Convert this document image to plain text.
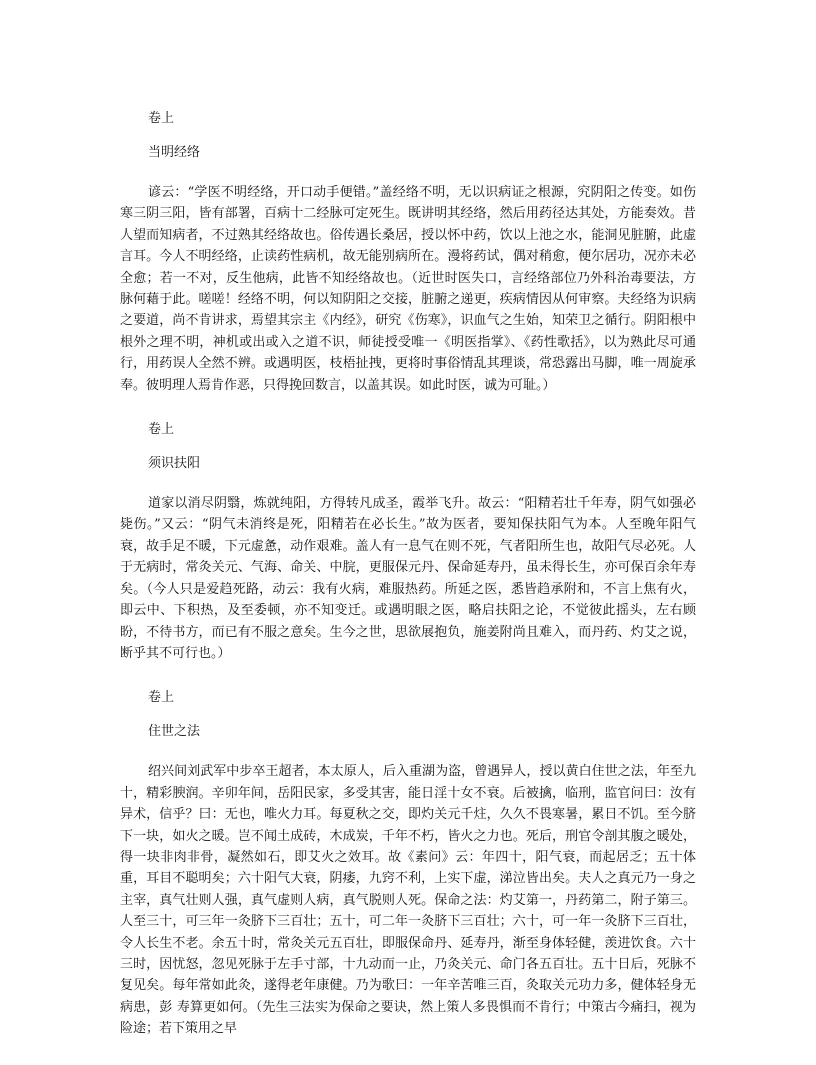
卷上
当明经络

谚云：“学医不明经络，开口动手便错。”盖经络不明，无以识病证之根源，究阴阳之传变。如伤寒三阴三阳，皆有部署，百病十二经脉可定死生。既讲明其经络，然后用药径达其处，方能奏效。昔人望而知病者，不过熟其经络故也。俗传遇长桑居，授以怀中药，饮以上池之水，能洞见脏腑，此虚言耳。今人不明经络，止读药性病机，故无能别病所在。漫将药试，偶对稍愈，便尔居功，况亦未必全愈；若一不对，反生他病，此皆不知经络故也。（近世时医失口，言经络部位乃外科治毒要法，方脉何藉于此。嗟嗟！经络不明，何以知阴阳之交接，脏腑之递更，疾病情因从何审察。夫经络为识病之要道，尚不肯讲求，焉望其宗主《内经》，研究《伤寒》，识血气之生始，知荣卫之循行。阴阳根中根外之理不明，神机或出或入之道不识，师徒授受唯一《明医指掌》、《药性歌括》，以为熟此尽可通行，用药误人全然不辨。或遇明医，枝梧扯拽，更将时事俗情乱其理谈，常恐露出马脚，唯一周旋承奉。彼明理人焉肯作恶，只得挽回数言，以盖其误。如此时医，诚为可耻。）

卷上
须识扶阳

道家以消尽阴翳，炼就纯阳，方得转凡成圣，霞举飞升。故云：“阳精若壮千年寿，阴气如强必毙伤。”又云：“阴气未消终是死，阳精若在必长生。”故为医者，要知保扶阳气为本。人至晚年阳气衰，故手足不暖，下元虚惫，动作艰难。盖人有一息气在则不死，气者阳所生也，故阳气尽必死。人于无病时，常灸关元、气海、命关、中脘，更服保元丹、保命延寿丹，虽未得长生，亦可保百余年寿矣。（今人只是爱趋死路，动云：我有火病，难服热药。所延之医，悉皆趋承附和，不言上焦有火，即云中、下积热，及至委顿，亦不知变迁。或遇明眼之医，略启扶阳之论，不觉彼此摇头，左右顾盼，不待书方，而已有不服之意矣。生今之世，思欲展抱负，施姜附尚且难入，而丹药、灼艾之说，断乎其不可行也。）

卷上
住世之法

绍兴间刘武军中步卒王超者，本太原人，后入重湖为盗，曾遇异人，授以黄白住世之法，年至九十，精彩腴润。辛卯年间，岳阳民家，多受其害，能日淫十女不衰。后被擒，临刑，监官问曰：汝有异术，信乎？曰：无也，唯火力耳。每夏秋之交，即灼关元千炷，久久不畏寒暑，累日不饥。至今脐下一块，如火之暖。岂不闻土成砖，木成炭，千年不朽，皆火之力也。死后，刑官令剖其腹之暖处，得一块非肉非骨，凝然如石，即艾火之效耳。故《素问》云：年四十，阳气衰，而起居乏；五十体重，耳目不聪明矣；六十阳气大衰，阴痿，九窍不利，上实下虚，涕泣皆出矣。夫人之真元乃一身之主宰，真气壮则人强，真气虚则人病，真气脱则人死。保命之法：灼艾第一，丹药第二，附子第三。人至三十，可三年一灸脐下三百壮；五十，可二年一灸脐下三百壮；六十，可一年一灸脐下三百壮，令人长生不老。余五十时，常灸关元五百壮，即服保命丹、延寿丹，渐至身体轻健，羡进饮食。六十三时，因忧怒，忽见死脉于左手寸部，十九动而一止，乃灸关元、命门各五百壮。五十日后，死脉不复见矣。每年常如此灸，遂得老年康健。乃为歌曰：一年辛苦唯三百，灸取关元功力多，健体轻身无病患，彭 寿算更如何。（先生三法实为保命之要诀，然上策人多畏惧而不肯行；中策古今痛扫，视为险途；若下策用之早
